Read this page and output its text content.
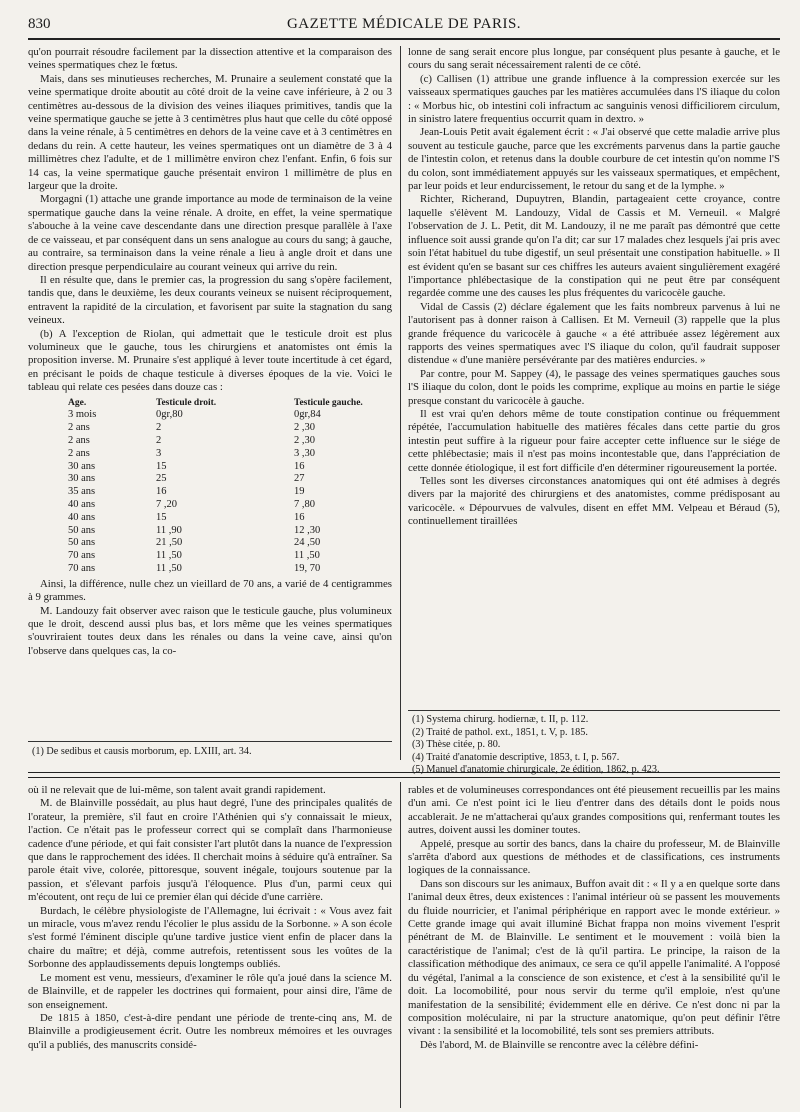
830	GAZETTE MÉDICALE DE PARIS.

qu'on pourrait résoudre facilement par la dissection attentive et la comparaison des veines spermatiques chez le fœtus.

Mais, dans ses minutieuses recherches, M. Prunaire a seulement constaté que la veine spermatique droite aboutit au côté droit de la veine cave inférieure, à 2 ou 3 centimètres au-dessous de la division des veines iliaques primitives, tandis que la veine spermatique gauche se jette à 3 centimètres plus haut que celle du côté opposé dans la veine rénale, à 5 centimètres en dehors de la veine cave et à 3 centimètres en dedans du rein. A cette hauteur, les veines spermatiques ont un diamètre de 3 à 4 millimètres chez l'adulte, et de 1 millimètre environ chez l'enfant. Enfin, 6 fois sur 14 cas, la veine spermatique gauche présentait environ 1 millimètre de plus en largeur que la droite.

Morgagni (1) attache une grande importance au mode de terminaison de la veine spermatique gauche dans la veine rénale. A droite, en effet, la veine spermatique s'abouche à la veine cave descendante dans une direction presque parallèle à l'axe de ce vaisseau, et par conséquent dans un sens analogue au cours du sang; à gauche, au contraire, sa terminaison dans la veine rénale a lieu à angle droit et dans une direction presque perpendiculaire au courant veineux qui arrive du rein.

Il en résulte que, dans le premier cas, la progression du sang s'opère facilement, tandis que, dans le deuxième, les deux courants veineux se nuisent réciproquement, entravent la rapidité de la circulation, et favorisent par suite la stagnation du sang veineux.

(b) A l'exception de Riolan, qui admettait que le testicule droit est plus volumineux que le gauche, tous les chirurgiens et anatomistes ont émis la proposition inverse. M. Prunaire s'est appliqué à lever toute incertitude à cet égard, en précisant le poids de chaque testicule à diverses époques de la vie. Voici le tableau qui relate ces pesées dans douze cas :

Age.	Testicule droit.	Testicule gauche.
3 mois	0gr,80	0gr,84
2 ans	2	2 ,30
2 ans	2	2 ,30
2 ans	3	3 ,30
30 ans	15	16
30 ans	25	27
35 ans	16	19
40 ans	7 ,20	7 ,80
40 ans	15	16
50 ans	11 ,90	12 ,30
50 ans	21 ,50	24 ,50
70 ans	11 ,50	11 ,50
70 ans	11 ,50	19, 70

Ainsi, la différence, nulle chez un vieillard de 70 ans, a varié de 4 centigrammes à 9 grammes.

M. Landouzy fait observer avec raison que le testicule gauche, plus volumineux que le droit, descend aussi plus bas, et lors même que les veines spermatiques s'ouvriraient toutes deux dans les rénales ou dans la veine cave, ainsi qu'on l'observe dans quelques cas, la co-

(1) De sedibus et causis morborum, ep. LXIII, art. 34.

lonne de sang serait encore plus longue, par conséquent plus pesante à gauche, et le cours du sang serait nécessairement ralenti de ce côté.

(c) Callisen (1) attribue une grande influence à la compression exercée sur les vaisseaux spermatiques gauches par les matières accumulées dans l'S iliaque du colon : « Morbus hic, ob intestini coli infractum ac sanguinis venosi difficiliorem circulum, in sinistro latere frequentius occurrit quam in dextro. »

Jean-Louis Petit avait également écrit : « J'ai observé que cette maladie arrive plus souvent au testicule gauche, parce que les excréments parvenus dans la partie gauche de l'intestin colon, et retenus dans la double courbure de cet intestin qu'on nomme l'S du colon, sont immédiatement appuyés sur les vaisseaux spermatiques, et empêchent, par leur poids et leur endurcissement, le retour du sang et de la lymphe. »

Richter, Richerand, Dupuytren, Blandin, partageaient cette croyance, contre laquelle s'élèvent M. Landouzy, Vidal de Cassis et M. Verneuil. « Malgré l'observation de J. L. Petit, dit M. Landouzy, il ne me paraît pas démontré que cette influence soit aussi grande qu'on l'a dit; car sur 17 malades chez lesquels j'ai pris avec soin l'état habituel du tube digestif, un seul présentait une constipation habituelle. » Il est évident qu'en se basant sur ces chiffres les auteurs avaient singulièrement exagéré l'importance phlébectasique de la constipation qui ne peut être par conséquent regardée comme une des causes les plus fréquentes du varicocèle gauche.

Vidal de Cassis (2) déclare également que les faits nombreux parvenus à lui ne l'autorisent pas à donner raison à Callisen. Et M. Verneuil (3) rappelle que la plus grande fréquence du varicocèle à gauche « a été attribuée assez légèrement aux rapports des veines spermatiques avec l'S iliaque du colon, qu'il faudrait supposer distendue « d'une manière persévérante par des matières endurcies. »

Par contre, pour M. Sappey (4), le passage des veines spermatiques gauches sous l'S iliaque du colon, dont le poids les comprime, explique au moins en partie le siége presque constant du varicocèle à gauche.

Il est vrai qu'en dehors même de toute constipation continue ou fréquemment répétée, l'accumulation habituelle des matières fécales dans cette partie du gros intestin peut suffire à la rigueur pour faire accepter cette influence sur le siége de cette phlébectasie; mais il n'est pas moins incontestable que, dans l'appréciation de cette donnée étiologique, il est fort difficile d'en déterminer rigoureusement la portée.

Telles sont les diverses circonstances anatomiques qui ont été admises à degrés divers par la majorité des chirurgiens et des anatomistes, comme prédisposant au varicocèle. « Dépourvues de valvules, disent en effet MM. Velpeau et Béraud (5), continuellement tiraillées

(1) Systema chirurg. hodiernæ, t. II, p. 112.
(2) Traité de pathol. ext., 1851, t. V, p. 185.
(3) Thèse citée, p. 80.
(4) Traité d'anatomie descriptive, 1853, t. I, p. 567.
(5) Manuel d'anatomie chirurgicale, 2e édition, 1862, p. 423.

où il ne relevait que de lui-même, son talent avait grandi rapidement.

M. de Blainville possédait, au plus haut degré, l'une des principales qualités de l'orateur, la première, s'il faut en croire l'Athénien qui s'y connaissait le mieux, l'action. Ce n'était pas le professeur correct qui se complaît dans l'harmonieuse cadence d'une période, et qui fait consister l'art plutôt dans la nuance de l'expression que dans le rapprochement des idées. Il cherchait moins à séduire qu'à entraîner. Sa parole était vive, colorée, pittoresque, souvent inégale, toujours soutenue par la passion, et s'élevant parfois jusqu'à l'éloquence. Plus d'un, parmi ceux qui m'écoutent, ont reçu de lui ce premier élan qui décide d'une carrière.

Burdach, le célèbre physiologiste de l'Allemagne, lui écrivait : « Vous avez fait un miracle, vous m'avez rendu l'écolier le plus assidu de la Sorbonne. » A son école s'est formé l'éminent disciple qu'une tardive justice vient enfin de placer dans la chaire du maître; et déjà, comme autrefois, retentissent sous les voûtes de la Sorbonne des applaudissements depuis longtemps oubliés.

Le moment est venu, messieurs, d'examiner le rôle qu'a joué dans la science M. de Blainville, et de rappeler les doctrines qui formaient, pour ainsi dire, l'âme de son enseignement.

De 1815 à 1850, c'est-à-dire pendant une période de trente-cinq ans, M. de Blainville a prodigieusement écrit. Outre les nombreux mémoires et les ouvrages qu'il a publiés, des manuscrits considé-

rables et de volumineuses correspondances ont été pieusement recueillis par les mains d'un ami. Ce n'est point ici le lieu d'entrer dans des détails dont le poids nous accablerait. Je ne m'attacherai qu'aux grandes compositions qui, renfermant toutes les autres, doivent aussi les dominer toutes.

Appelé, presque au sortir des bancs, dans la chaire du professeur, M. de Blainville s'arrêta d'abord aux questions de méthodes et de classifications, ces instruments logiques de la connaissance.

Dans son discours sur les animaux, Buffon avait dit : « Il y a en quelque sorte dans l'animal deux êtres, deux existences : l'animal intérieur où se passent les mouvements du fluide nourricier, et l'animal périphérique en rapport avec le monde extérieur. » Cette grande image qui avait illuminé Bichat frappa non moins vivement l'esprit pénétrant de M. de Blainville. Le sentiment et le mouvement : voilà bien la caractéristique de l'animal; c'est de là qu'il partira. Le principe, la raison de la classification méthodique des animaux, ce sera ce qu'il appelle l'animalité. A l'opposé du végétal, l'animal a la conscience de son existence, et c'est à la sensibilité qu'il le doit. La locomobilité, pour nous servir du terme qu'il emploie, n'est qu'une manifestation de la sensibilité; évidemment elle en dérive. Ce n'est donc ni par la composition moléculaire, ni par la structure anatomique, qu'on peut définir l'être vivant : la sensibilité et la locomobilité, tels sont ses premiers attributs.

Dès l'abord, M. de Blainville se rencontre avec la célèbre défini-
